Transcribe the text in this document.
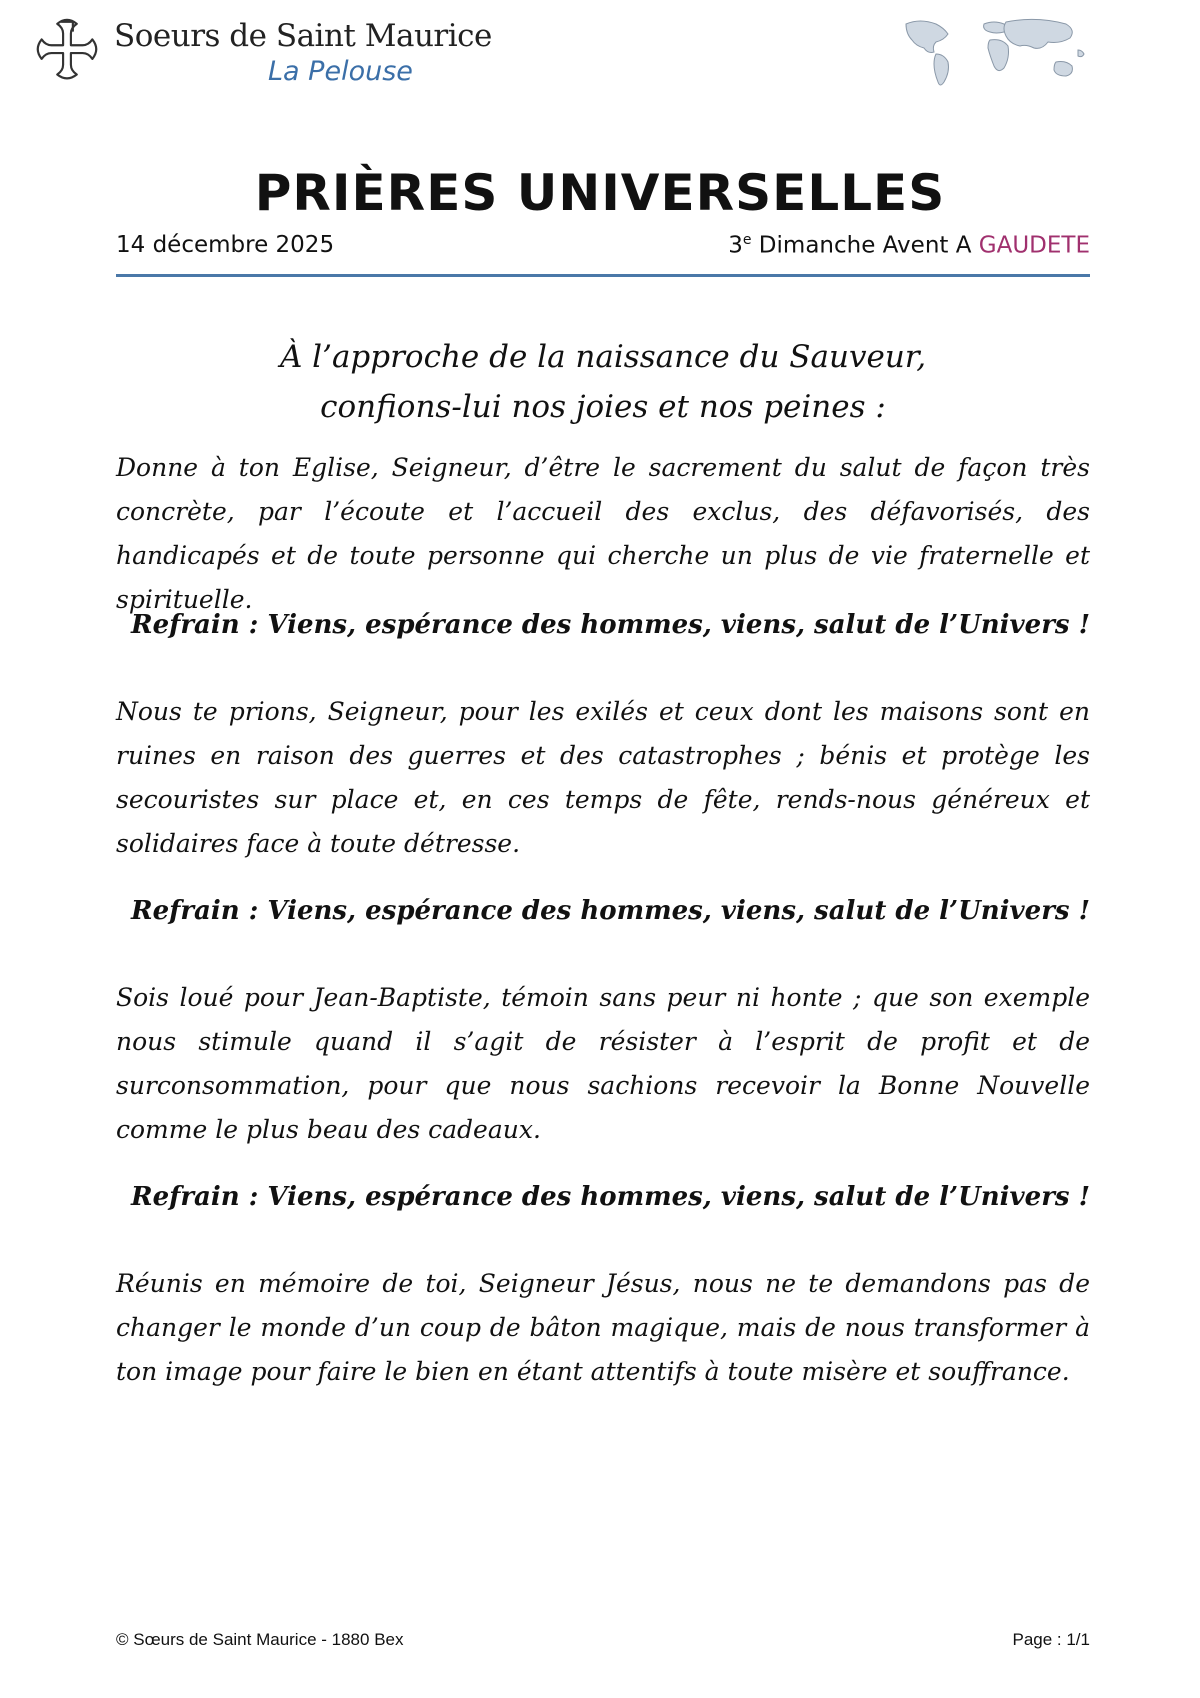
Soeurs de Saint Maurice
La Pelouse
PRIÈRES UNIVERSELLES
14 décembre 2025	3e Dimanche Avent A GAUDETE
À l’approche de la naissance du Sauveur,
confions-lui nos joies et nos peines :
Donne à ton Eglise, Seigneur, d’être le sacrement du salut de façon très concrète, par l’écoute et l’accueil des exclus, des défavorisés, des handicapés et de toute personne qui cherche un plus de vie fraternelle et spirituelle.
Refrain : Viens, espérance des hommes, viens, salut de l’Univers !
Nous te prions, Seigneur, pour les exilés et ceux dont les maisons sont en ruines en raison des guerres et des catastrophes ; bénis et protège les secouristes sur place et, en ces temps de fête, rends-nous généreux et solidaires face à toute détresse.
Refrain : Viens, espérance des hommes, viens, salut de l’Univers !
Sois loué pour Jean-Baptiste, témoin sans peur ni honte ; que son exemple nous stimule quand il s’agit de résister à l’esprit de profit et de surconsommation, pour que nous sachions recevoir la Bonne Nouvelle comme le plus beau des cadeaux.
Refrain : Viens, espérance des hommes, viens, salut de l’Univers !
Réunis en mémoire de toi, Seigneur Jésus, nous ne te demandons pas de changer le monde d’un coup de bâton magique, mais de nous transformer à ton image pour faire le bien en étant attentifs à toute misère et souffrance.
© Sœurs de Saint Maurice - 1880 Bex	Page : 1/1
